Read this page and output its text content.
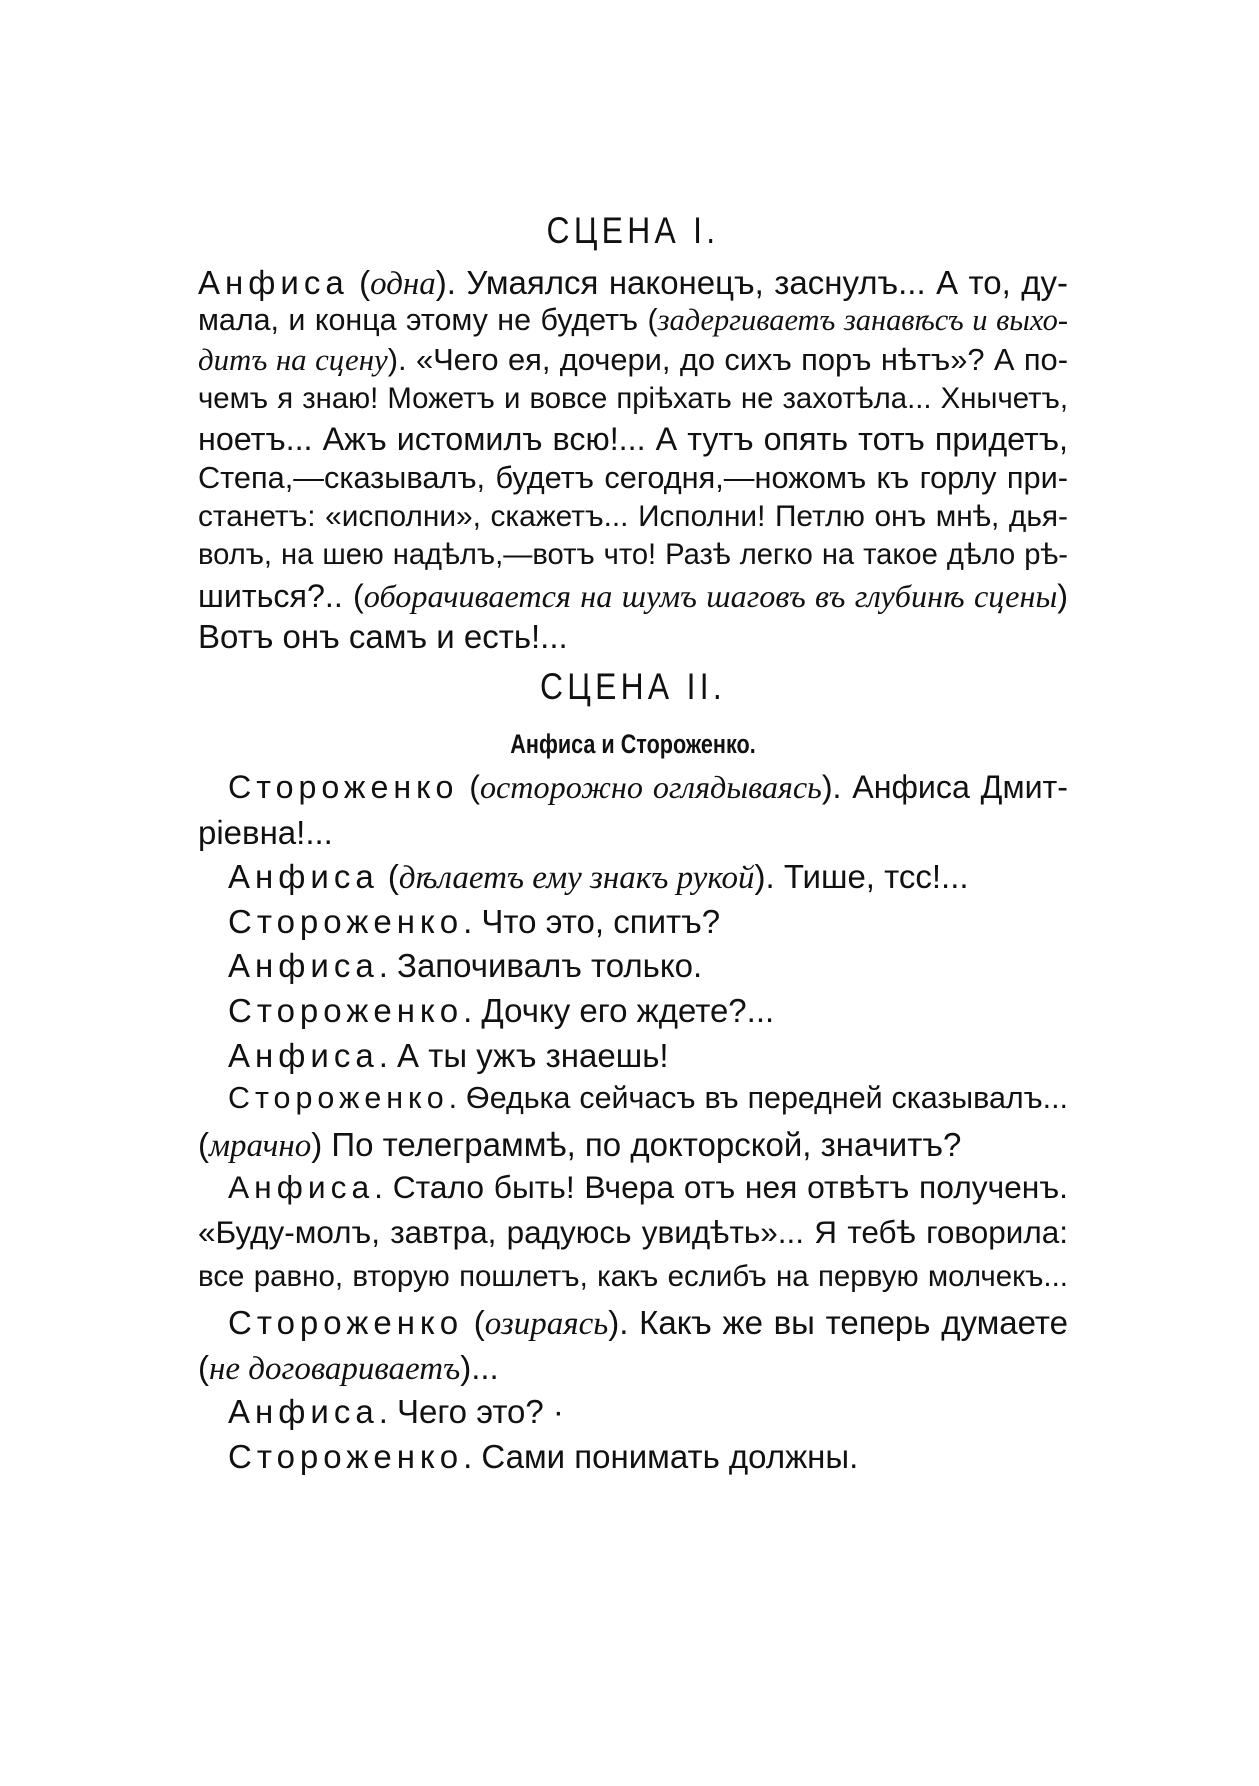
СЦЕНА I.
Анфиса (одна). Умаялся наконецъ, заснулъ... А то, ду-
мала, и конца этому не будетъ (задергиваетъ занавѣсъ и выхо-
дитъ на сцену). «Чего ея, дочери, до сихъ поръ нѣтъ»? А по-
чемъ я знаю! Можетъ и вовсе пріѣхать не захотѣла... Хнычетъ,
ноетъ... Ажъ истомилъ всю!... А тутъ опять тотъ придетъ,
Степа,—сказывалъ, будетъ сегодня,—ножомъ къ горлу при-
станетъ: «исполни», скажетъ... Исполни! Петлю онъ мнѣ, дья-
волъ, на шею надѣлъ,—вотъ что! Разѣ легко на такое дѣло рѣ-
шиться?.. (оборачивается на шумъ шаговъ въ глубинѣ сцены)
Вотъ онъ самъ и есть!...
СЦЕНА II.
Анфиса и Стороженко.
Стороженко (осторожно оглядываясь). Анфиса Дмит-
ріевна!...
Анфиса (дѣлаетъ ему знакъ рукой). Тише, тсс!...
Стороженко. Что это, спитъ?
Анфиса. Започивалъ только.
Стороженко. Дочку его ждете?...
Анфиса. А ты ужъ знаешь!
Стороженко. Ѳедька сейчасъ въ передней сказывалъ...
(мрачно) По телеграммѣ, по докторской, значитъ?
Анфиса. Стало быть! Вчера отъ нея отвѣтъ полученъ.
«Буду-молъ, завтра, радуюсь увидѣть»... Я тебѣ говорила:
все равно, вторую пошлетъ, какъ еслибъ на первую молчекъ...
Стороженко (озираясь). Какъ же вы теперь думаете
(не договариваетъ)...
Анфиса. Чего это? ·
Стороженко. Сами понимать должны.
